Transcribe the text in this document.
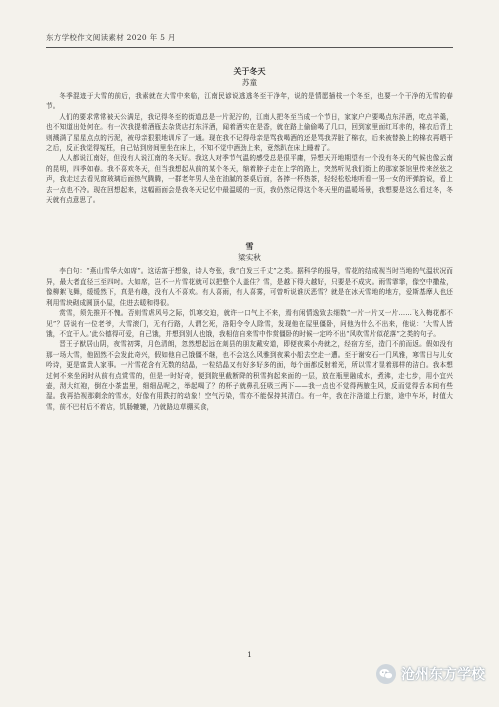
东方学校作文阅读素材 2020 年 5 月
关于冬天
苏童

冬季混迹于大雪的前后，我素就在大雪中来临，江南民谚说逃逃冬至干净年，说的是情愿插枝一个冬至，也要一个干净的无雪的春节。

人们的要求常常被天公满足，我记得冬至的街道总是一片泥泞的，江南人把冬至当成一个节日，家家户户要喝点东洋酒，吃点羊羹，也不知道出处何在。有一次我提着酒瓶去杂货店打东洋酒，闻着酒实在是香，就在路上偷偷喝了几口，回到家里面红耳赤的，棉衣后背上则溅满了星星点点的污泥，被母亲狠狠地训斥了一通。现在我不记得母亲是骂我喝酒的还是骂我弄脏了棉衣，后来被替换上的棉衣再晒干之后，反正我觉得冤枉，自己钻到房间里坐在床上，不知不觉中酒劲上来，竟然趴在床上睡着了。

人人都说江南好，但没有人说江南的冬天好。我这人对季节气温的感受总是很平庸，异想天开地期望有一个没有冬天的气候也像云南的昆明，四季如春。我不喜欢冬天，但当我想起从前的某个冬天，缩着脖子走在上学的路上，突然听见我们街上的那家茶馆里传来丝弦之声，我走过去看见窗玻璃后面热气腾腾，一群老年男人坐在油腻的茶桌后面，各捧一杯热茶，轻轻松松地听看一男一女的评弹韵说，看上去一点也不冷。现在回想起来，这幅画面会是我冬天记忆中最温暖的一页，我仍然记得这个冬天里的温暖场景，我想要是这么看过冬，冬天就有点意思了。

雪
梁实秋

李白句：“燕山雪华大如席”。这话富于想象，诗人夸张，我“白发三千丈”之类。据科学的报导，雪花的结成视当时当地的气温状况而异，最大者直径三至四吋。大如席，岂不一片雪花就可以把整个人盖住？雪，是越下得大越好，只要是不成灾。雨雪霏霏，像空中撒盐，像柳絮飞舞，缓缓然下，真是有趣，没有人不喜欢。有人喜雨，有人喜雾，可曾听说谁厌恶雪？就是在冰天雪地的地方，爱斯基摩人也还利用雪块砌成圆顶小屋，住进去暖和得很。

赏雪，须先推开不愧。否则雪虐风号之际，饥寒交迫，就许一口气上不来，焉有闲情逸致去细数“一片一片又一片……飞入梅花都不见”？居说有一位老爷，大雪滚门，无有行路，人谓乞死，洛阳令令人除雪，发现他在屋里僵卧，问他为什么不出来，他说：‘大雪人皆饿，不宜干人。’此公德得可爱，自己饿，并想到别人也饿，我相信自来雪中作赏僵卧的时候一定吟不出“风吹雪片似花落”之类的句子。

晋王子猷居山阴，夜雪初霁，月色清朗，忽然想起远在剡县的朋友戴安道，即便夜乘小舟就之，经宿方至，造门不前而返。假如没有那一场大雪，他固然不会发此奇兴，假如他自己饿僵不继，也不会这么风雅到夜乘小船去空走一遭。至于谢安石一门风雅，寒雪日与儿女吟诗，更是富贵人家事。一片雪花含有无数的结晶，一粒结晶又有好多好多的面，每个面都反射着光，所以雪才显着那样的洁白。我本想过何不来坐闲时从前有点赏雪的，但是一时好奇，便到院里截断降的积雪拘起来面的一层，放在瓶里融成水，煮沸，走七步，用小宜兴壶，沏大红袍，倒在小茶盅里，细细品呢之，举起喝了？的杯子就鼻孔狂吸三两下——我一点也不觉得两腋生风，反而觉得舌本间有些湿。我再拾视那剩余的雪水，好像有用跌打的动象！空气污染，雪亦不能保持其清白。有一年，我在汴洛道上行旅，途中车坏，时值大雪，前不巴村后不着店，饥肠辘辘，乃就路边草棚买食，

1
沧州东方学校
